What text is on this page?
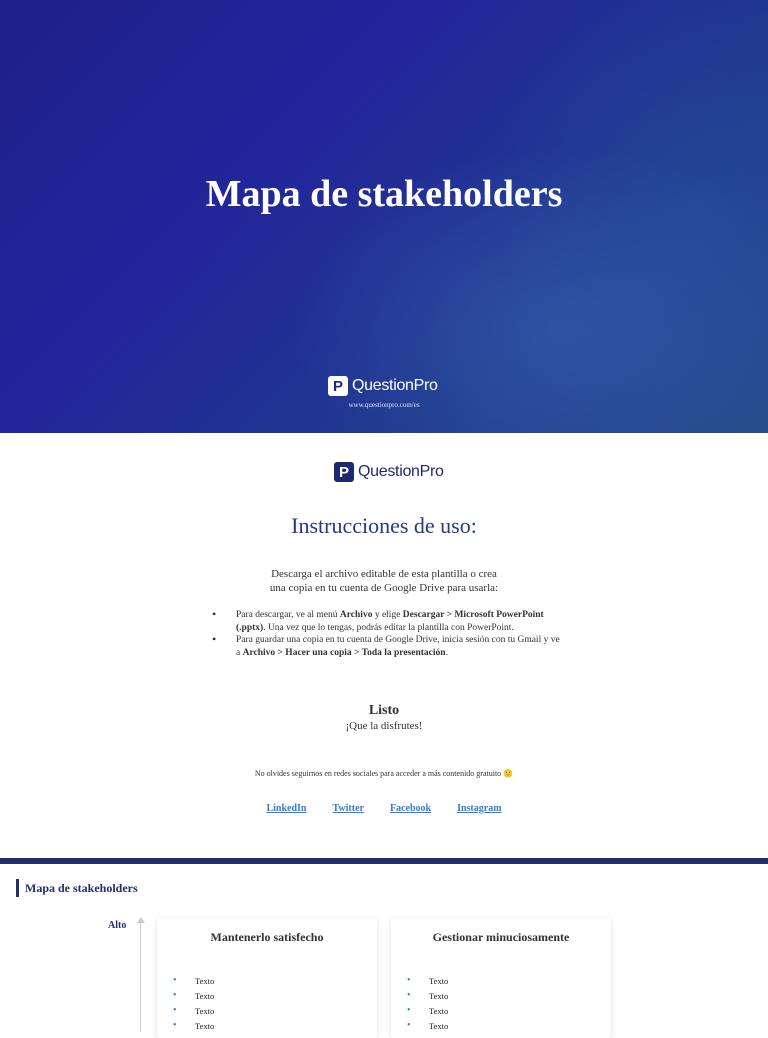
Mapa de stakeholders
P QuestionPro
www.questionpro.com/es
P QuestionPro
Instrucciones de uso:
Descarga el archivo editable de esta plantilla o crea
una copia en tu cuenta de Google Drive para usarla:
• Para descargar, ve al menú Archivo y elige Descargar > Microsoft PowerPoint (.pptx). Una vez que lo tengas, podrás editar la plantilla con PowerPoint.
• Para guardar una copia en tu cuenta de Google Drive, inicia sesión con tu Gmail y ve a Archivo > Hacer una copia > Toda la presentación.
Listo
¡Que la disfrutes!
No olvides seguirnos en redes sociales para acceder a más contenido gratuito 🙂
LinkedIn	Twitter	Facebook	Instagram
Mapa de stakeholders
Alto
Mantenerlo satisfecho
• Texto
• Texto
• Texto
• Texto
Gestionar minuciosamente
• Texto
• Texto
• Texto
• Texto
